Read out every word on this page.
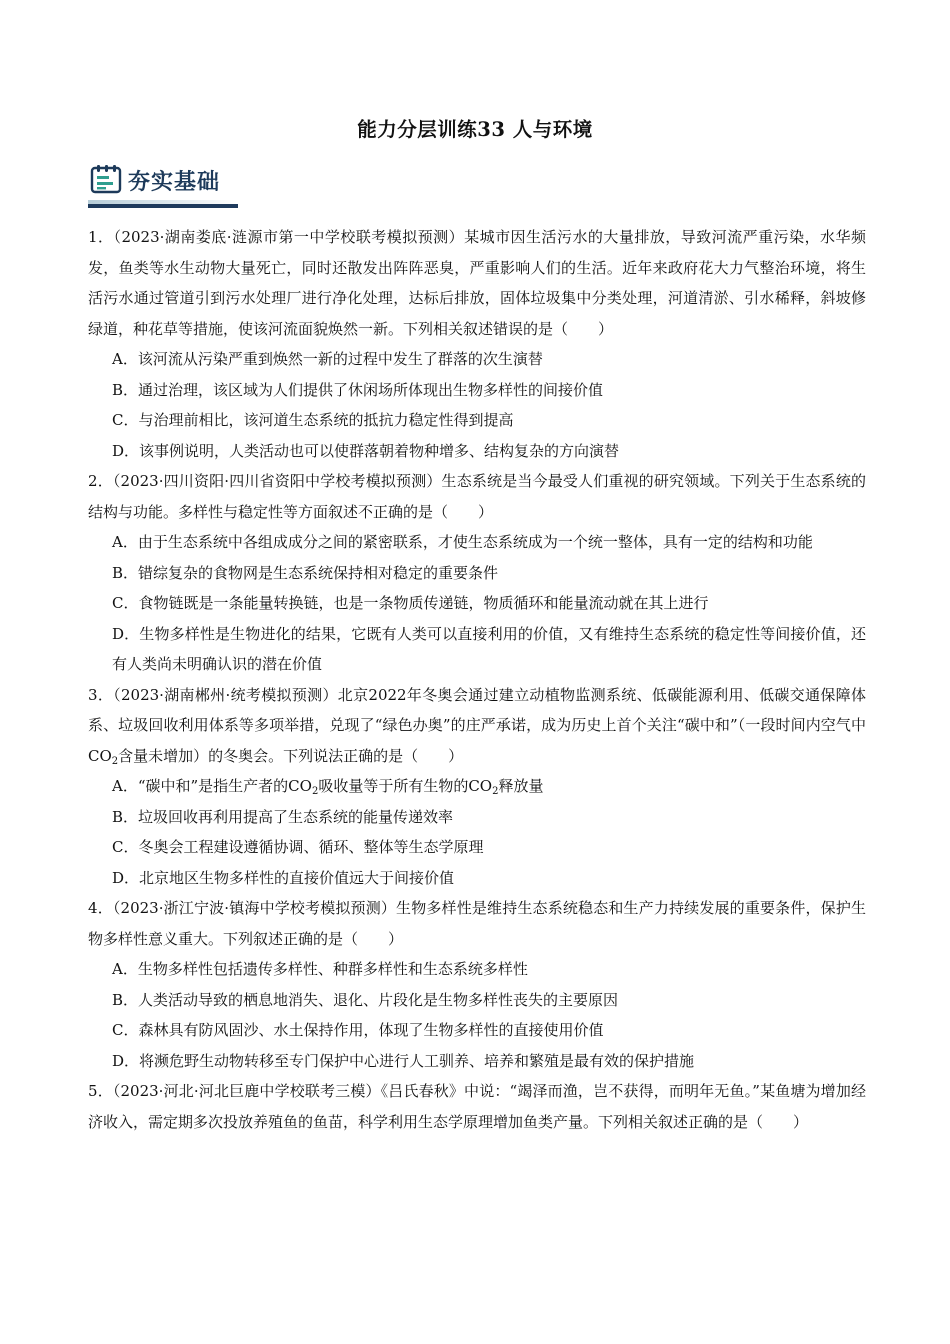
能力分层训练33 人与环境
夯实基础
1．（2023·湖南娄底·涟源市第一中学校联考模拟预测）某城市因生活污水的大量排放，导致河流严重污染，水华频发，鱼类等水生动物大量死亡，同时还散发出阵阵恶臭，严重影响人们的生活。近年来政府花大力气整治环境，将生活污水通过管道引到污水处理厂进行净化处理，达标后排放，固体垃圾集中分类处理，河道清淤、引水稀释，斜坡修绿道，种花草等措施，使该河流面貌焕然一新。下列相关叙述错误的是（　　）
A．该河流从污染严重到焕然一新的过程中发生了群落的次生演替
B．通过治理，该区域为人们提供了休闲场所体现出生物多样性的间接价值
C．与治理前相比，该河道生态系统的抵抗力稳定性得到提高
D．该事例说明，人类活动也可以使群落朝着物种增多、结构复杂的方向演替
2．（2023·四川资阳·四川省资阳中学校考模拟预测）生态系统是当今最受人们重视的研究领域。下列关于生态系统的结构与功能。多样性与稳定性等方面叙述不正确的是（　　）
A．由于生态系统中各组成成分之间的紧密联系，才使生态系统成为一个统一整体，具有一定的结构和功能
B．错综复杂的食物网是生态系统保持相对稳定的重要条件
C．食物链既是一条能量转换链，也是一条物质传递链，物质循环和能量流动就在其上进行
D．生物多样性是生物进化的结果，它既有人类可以直接利用的价值，又有维持生态系统的稳定性等间接价值，还有人类尚未明确认识的潜在价值
3．（2023·湖南郴州·统考模拟预测）北京2022年冬奥会通过建立动植物监测系统、低碳能源利用、低碳交通保障体系、垃圾回收利用体系等多项举措，兑现了“绿色办奥”的庄严承诺，成为历史上首个关注“碳中和”（一段时间内空气中$CO_2$含量未增加）的冬奥会。下列说法正确的是（　　）
A．“碳中和”是指生产者的$CO_2$吸收量等于所有生物的$CO_2$释放量
B．垃圾回收再利用提高了生态系统的能量传递效率
C．冬奥会工程建设遵循协调、循环、整体等生态学原理
D．北京地区生物多样性的直接价值远大于间接价值
4．（2023·浙江宁波·镇海中学校考模拟预测）生物多样性是维持生态系统稳态和生产力持续发展的重要条件，保护生物多样性意义重大。下列叙述正确的是（　　）
A．生物多样性包括遗传多样性、种群多样性和生态系统多样性
B．人类活动导致的栖息地消失、退化、片段化是生物多样性丧失的主要原因
C．森林具有防风固沙、水土保持作用，体现了生物多样性的直接使用价值
D．将濒危野生动物转移至专门保护中心进行人工驯养、培养和繁殖是最有效的保护措施
5．（2023·河北·河北巨鹿中学校联考三模）《吕氏春秋》中说：“竭泽而渔，岂不获得，而明年无鱼。”某鱼塘为增加经济收入，需定期多次投放养殖鱼的鱼苗，科学利用生态学原理增加鱼类产量。下列相关叙述正确的是（　　）
